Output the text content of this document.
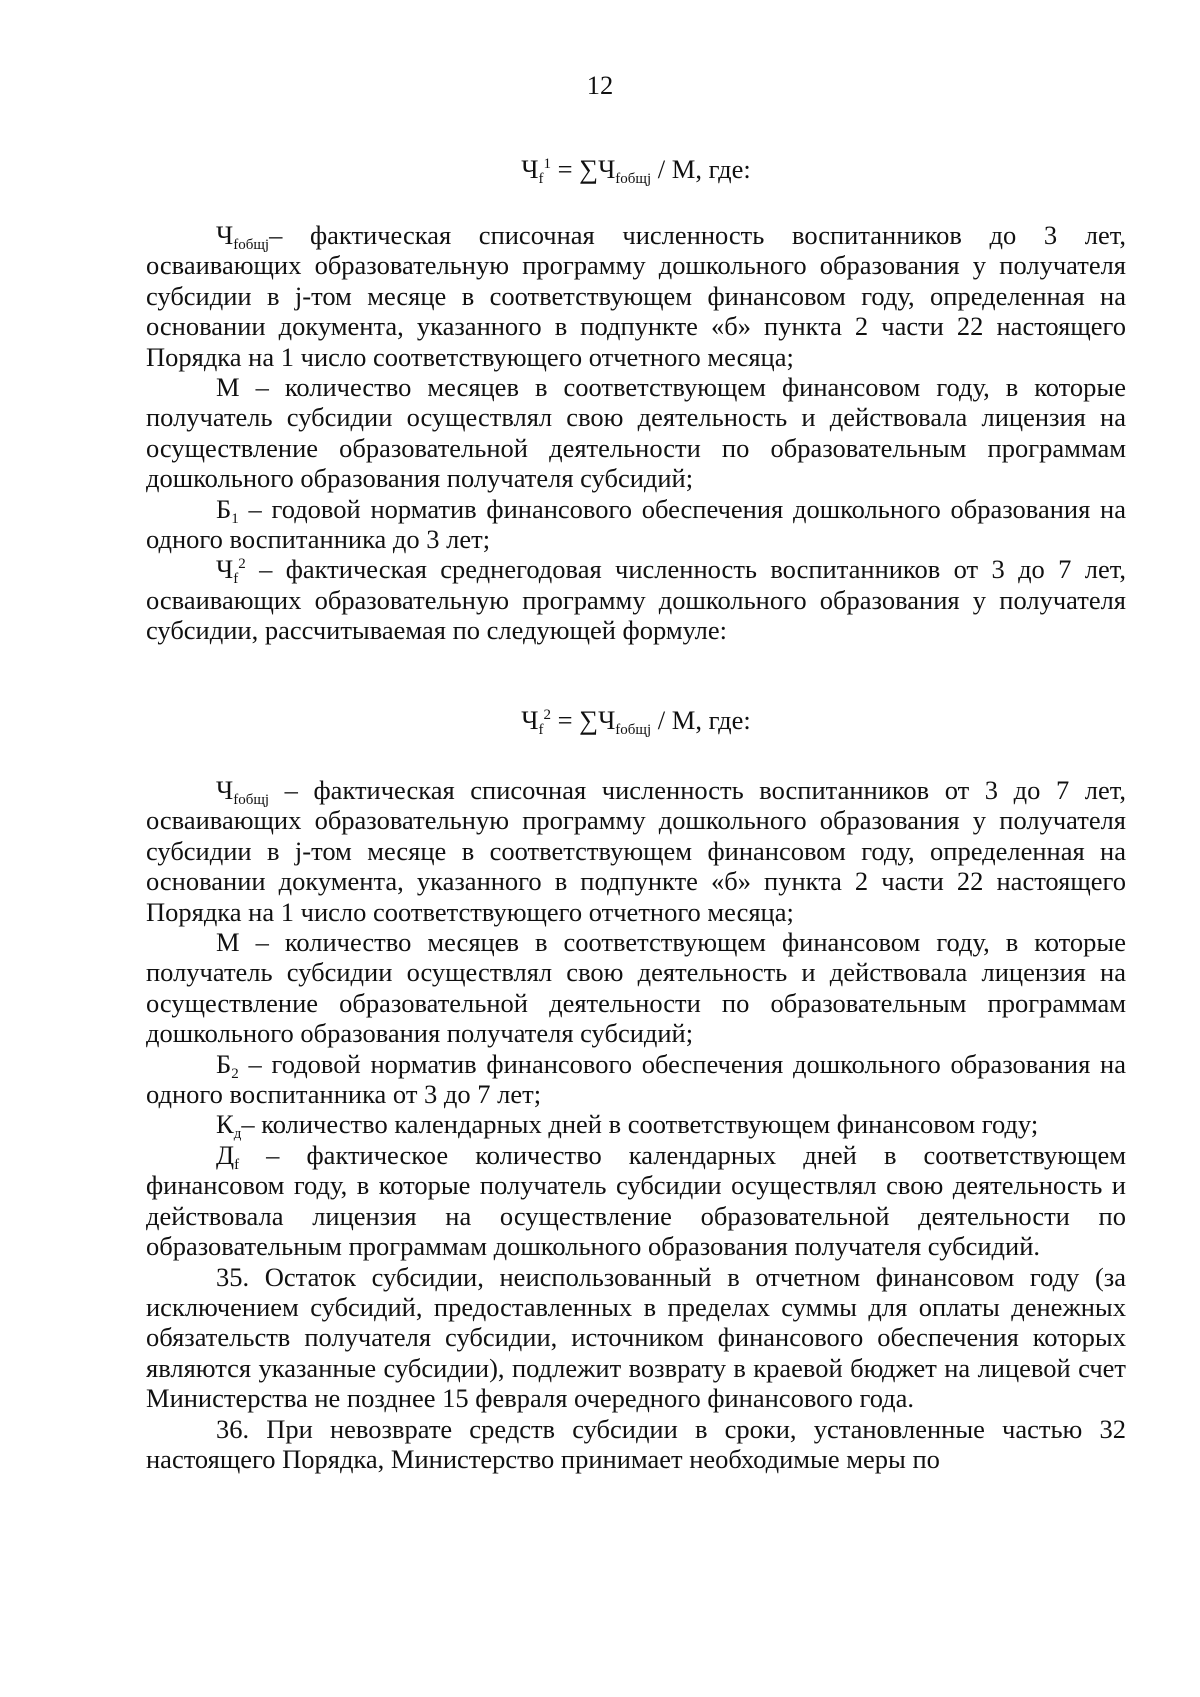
12
$Ч_f^1 = \sum Ч_{fобщj} / М$, где:

$Ч_{fобщj}-$ фактическая списочная численность воспитанников до 3 лет, осваивающих образовательную программу дошкольного образования у получателя субсидии в j-том месяце в соответствующем финансовом году, определенная на основании документа, указанного в подпункте «б» пункта 2 части 22 настоящего Порядка на 1 число соответствующего отчетного месяца;

М – количество месяцев в соответствующем финансовом году, в которые получатель субсидии осуществлял свою деятельность и действовала лицензия на осуществление образовательной деятельности по образовательным программам дошкольного образования получателя субсидий;

$Б_1$ – годовой норматив финансового обеспечения дошкольного образования на одного воспитанника до 3 лет;

$Ч_f^2$ – фактическая среднегодовая численность воспитанников от 3 до 7 лет, осваивающих образовательную программу дошкольного образования у получателя субсидии, рассчитываемая по следующей формуле:

$Ч_f^2 = \sum Ч_{fобщj} / М$, где:

$Ч_{fобщj}$ – фактическая списочная численность воспитанников от 3 до 7 лет, осваивающих образовательную программу дошкольного образования у получателя субсидии в j-том месяце в соответствующем финансовом году, определенная на основании документа, указанного в подпункте «б» пункта 2 части 22 настоящего Порядка на 1 число соответствующего отчетного месяца;

М – количество месяцев в соответствующем финансовом году, в которые получатель субсидии осуществлял свою деятельность и действовала лицензия на осуществление образовательной деятельности по образовательным программам дошкольного образования получателя субсидий;

$Б_2$ – годовой норматив финансового обеспечения дошкольного образования на одного воспитанника от 3 до 7 лет;

$К_д-$ количество календарных дней в соответствующем финансовом году;

$Д_f$ – фактическое количество календарных дней в соответствующем финансовом году, в которые получатель субсидии осуществлял свою деятельность и действовала лицензия на осуществление образовательной деятельности по образовательным программам дошкольного образования получателя субсидий.

35. Остаток субсидии, неиспользованный в отчетном финансовом году (за исключением субсидий, предоставленных в пределах суммы для оплаты денежных обязательств получателя субсидии, источником финансового обеспечения которых являются указанные субсидии), подлежит возврату в краевой бюджет на лицевой счет Министерства не позднее 15 февраля очередного финансового года.

36. При невозврате средств субсидии в сроки, установленные частью 32 настоящего Порядка, Министерство принимает необходимые меры по
